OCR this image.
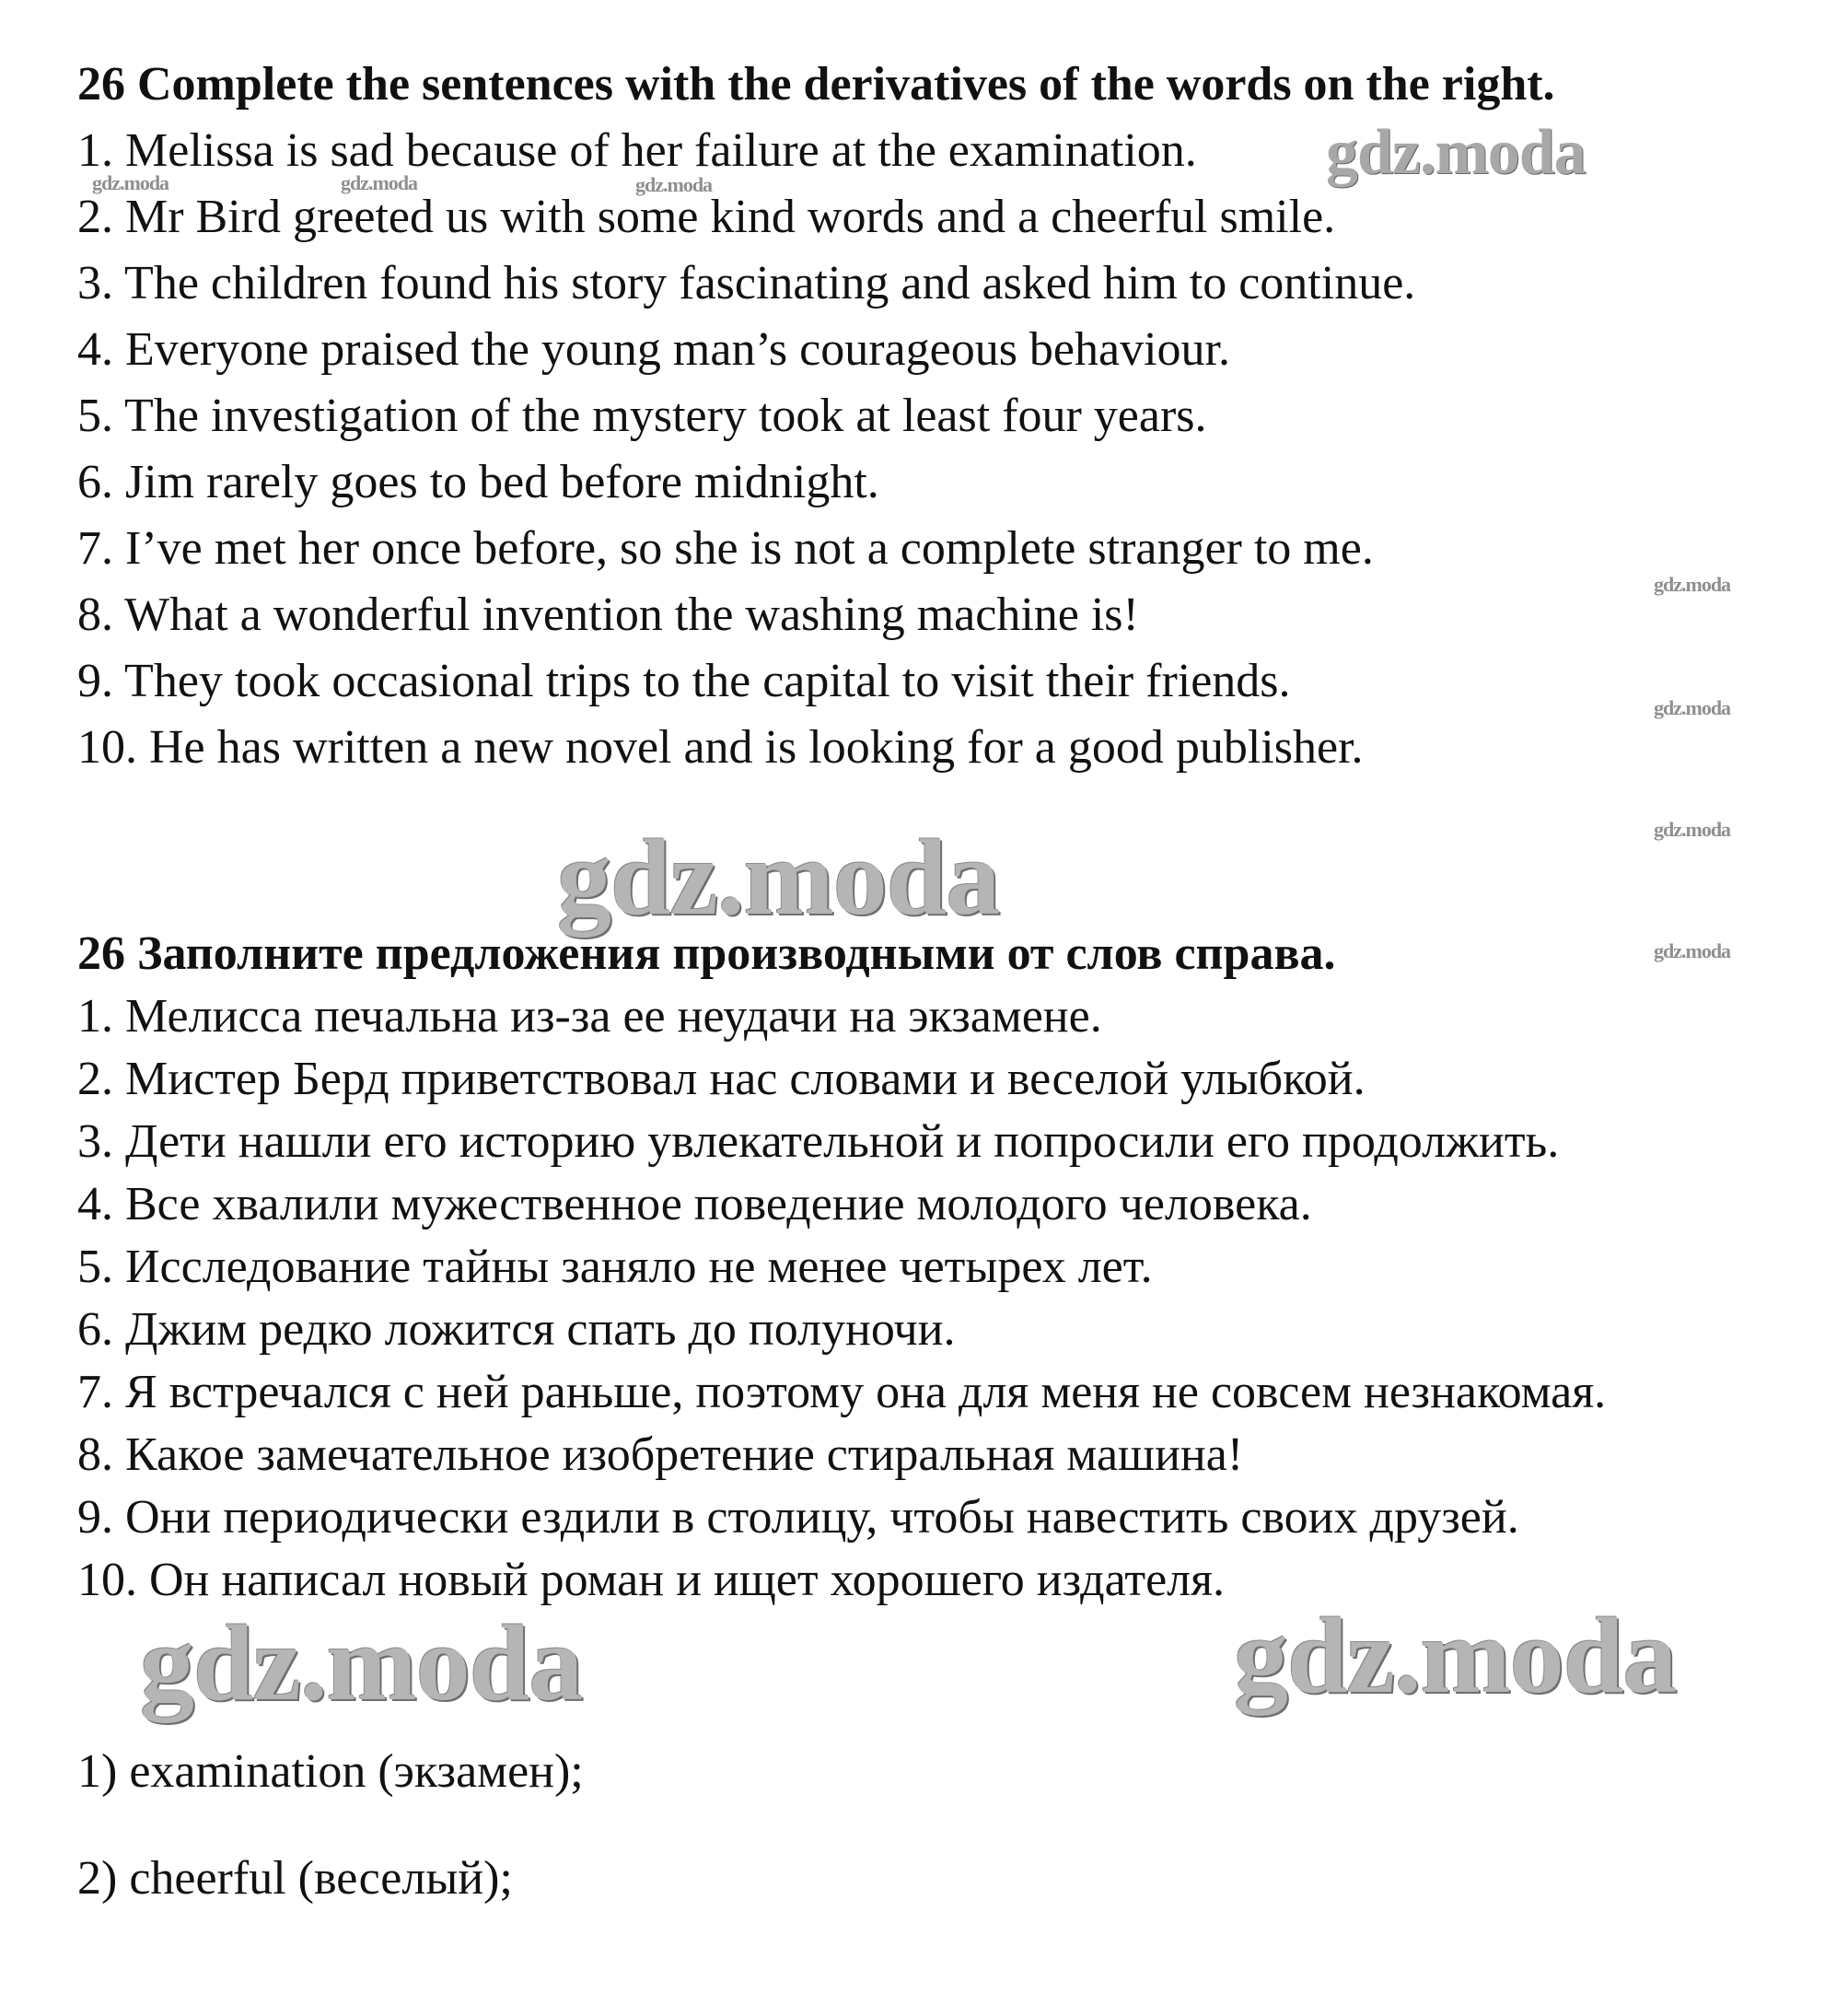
26 Complete the sentences with the derivatives of the words on the right.
1. Melissa is sad because of her failure at the examination.
2. Mr Bird greeted us with some kind words and a cheerful smile.
3. The children found his story fascinating and asked him to continue.
4. Everyone praised the young man’s courageous behaviour.
5. The investigation of the mystery took at least four years.
6. Jim rarely goes to bed before midnight.
7. I’ve met her once before, so she is not a complete stranger to me.
8. What a wonderful invention the washing machine is!
9. They took occasional trips to the capital to visit their friends.
10. He has written a new novel and is looking for a good publisher.
26 Заполните предложения производными от слов справа.
1. Мелисса печальна из-за ее неудачи на экзамене.
2. Мистер Берд приветствовал нас словами и веселой улыбкой.
3. Дети нашли его историю увлекательной и попросили его продолжить.
4. Все хвалили мужественное поведение молодого человека.
5. Исследование тайны заняло не менее четырех лет.
6. Джим редко ложится спать до полуночи.
7. Я встречался с ней раньше, поэтому она для меня не совсем незнакомая.
8. Какое замечательное изобретение стиральная машина!
9. Они периодически ездили в столицу, чтобы навестить своих друзей.
10. Он написал новый роман и ищет хорошего издателя.
1) examination (экзамен);
2) cheerful (веселый);
gdz.moda
gdz.moda	gdz.moda	gdz.moda
gdz.moda
gdz.moda
gdz.moda
gdz.moda
gdz.moda
gdz.moda	gdz.moda
